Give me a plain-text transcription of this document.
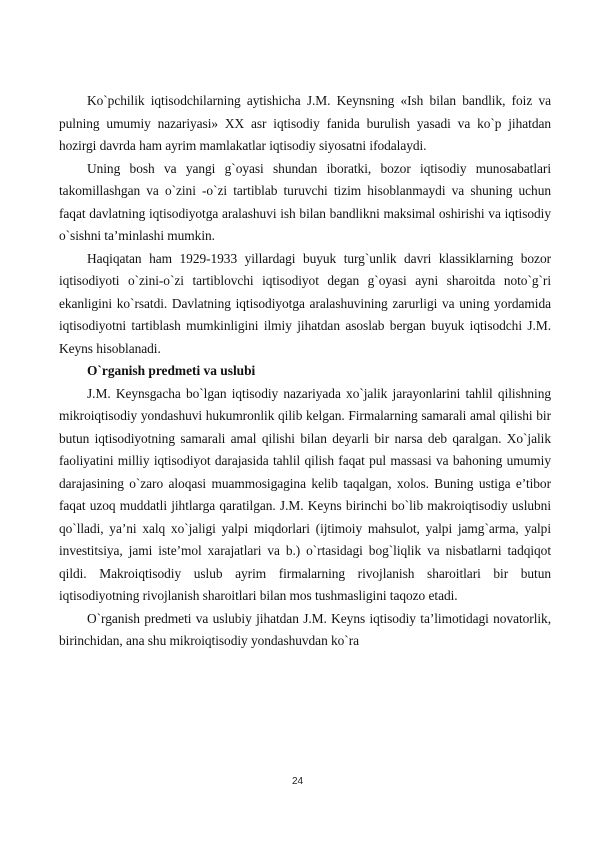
Ko`pchilik iqtisodchilarning aytishicha J.M. Keynsning «Ish bilan bandlik, foiz va pulning umumiy nazariyasi» XX asr iqtisodiy fanida burulish yasadi va ko`p jihatdan hozirgi davrda ham ayrim mamlakatlar iqtisodiy siyosatni ifodalaydi.

Uning bosh va yangi g`oyasi shundan iboratki, bozor iqtisodiy munosabatlari takomillashgan va o`zini -o`zi tartiblab turuvchi tizim hisoblanmaydi va shuning uchun faqat davlatning iqtisodiyotga aralashuvi ish bilan bandlikni maksimal oshirishi va iqtisodiy o`sishni ta’minlashi mumkin.

Haqiqatan ham 1929-1933 yillardagi buyuk turg`unlik davri klassiklarning bozor iqtisodiyoti o`zini-o`zi tartiblovchi iqtisodiyot degan g`oyasi ayni sharoitda noto`g`ri ekanligini ko`rsatdi. Davlatning iqtisodiyotga aralashuvining zarurligi va uning yordamida iqtisodiyotni tartiblash mumkinligini ilmiy jihatdan asoslab bergan buyuk iqtisodchi J.M. Keyns hisoblanadi.

O`rganish predmeti va uslubi

J.M. Keynsgacha bo`lgan iqtisodiy nazariyada xo`jalik jarayonlarini tahlil qilishning mikroiqtisodiy yondashuvi hukumronlik qilib kelgan. Firmalarning samarali amal qilishi bir butun iqtisodiyotning samarali amal qilishi bilan deyarli bir narsa deb qaralgan. Xo`jalik faoliyatini milliy iqtisodiyot darajasida tahlil qilish faqat pul massasi va bahoning umumiy darajasining o`zaro aloqasi muammosigagina kelib taqalgan, xolos. Buning ustiga e’tibor faqat uzoq muddatli jihtlarga qaratilgan. J.M. Keyns birinchi bo`lib makroiqtisodiy uslubni qo`lladi, ya’ni xalq xo`jaligi yalpi miqdorlari (ijtimoiy mahsulot, yalpi jamg`arma, yalpi investitsiya, jami iste’mol xarajatlari va b.) o`rtasidagi bog`liqlik va nisbatlarni tadqiqot qildi. Makroiqtisodiy uslub ayrim firmalarning rivojlanish sharoitlari bir butun iqtisodiyotning rivojlanish sharoitlari bilan mos tushmasligini taqozo etadi.

O`rganish predmeti va uslubiy jihatdan J.M. Keyns iqtisodiy ta’limotidagi novatorlik, birinchidan, ana shu mikroiqtisodiy yondashuvdan ko`ra

24
